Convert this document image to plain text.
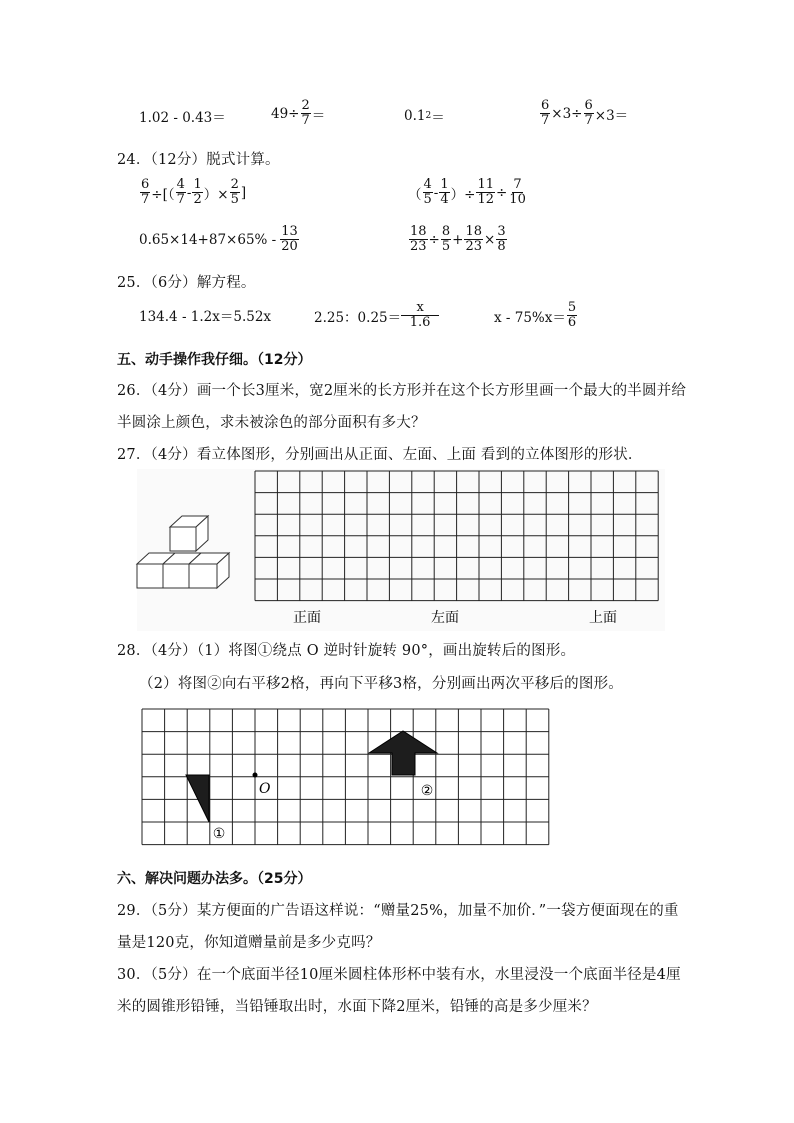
1.02 - 0.43＝	$49\div \frac{2}{7}$ ＝	0.1 2 ＝	$\frac{6}{7} \times 3\div \frac{6}{7} \times 3=$
24．（12分）脱式计算。
$\frac{6}{7}$ ÷[（ $\frac{4}{7} - \frac{1}{2}$ ）× $\frac{2}{5}$ ]	（ $\frac{4}{5} - \frac{1}{4}$ ）÷ $\frac{11}{12} \div \frac{7}{10}$
$0.65\times 14+87\times 65\% - \frac{13}{20}$	$\frac{18}{23} \div \frac{8}{5} + \frac{18}{23} \times \frac{3}{8}$
25．（6分）解方程。
134.4 - 1.2x＝5.52x	2.25：$0.25= \frac{x}{1.6}$	$x - 75\%x= \frac{5}{6}$
五、动手操作我仔细。（12分）
26．（4分）画一个长3厘米，宽2厘米的长方形并在这个长方形里画一个最大的半圆并给
半圆涂上颜色，求未被涂色的部分面积有多大？
27．（4分）看立体图形，分别画出从正面、左面、上面 看到的立体图形的形状．
正面	左面	上面
28．（4分）（1）将图①绕点 O 逆时针旋转 90°，画出旋转后的图形。
（2）将图②向右平移2格，再向下平移3格，分别画出两次平移后的图形。
①
O	②
六、解决问题办法多。（25分）
29．（5分）某方便面的广告语这样说：“赠量25%，加量不加价．”一袋方便面现在的重
量是120克，你知道赠量前是多少克吗？
30．（5分）在一个底面半径10厘米圆柱体形杯中装有水，水里浸没一个底面半径是4厘
米的圆锥形铅锤，当铅锤取出时，水面下降2厘米，铅锤的高是多少厘米？
